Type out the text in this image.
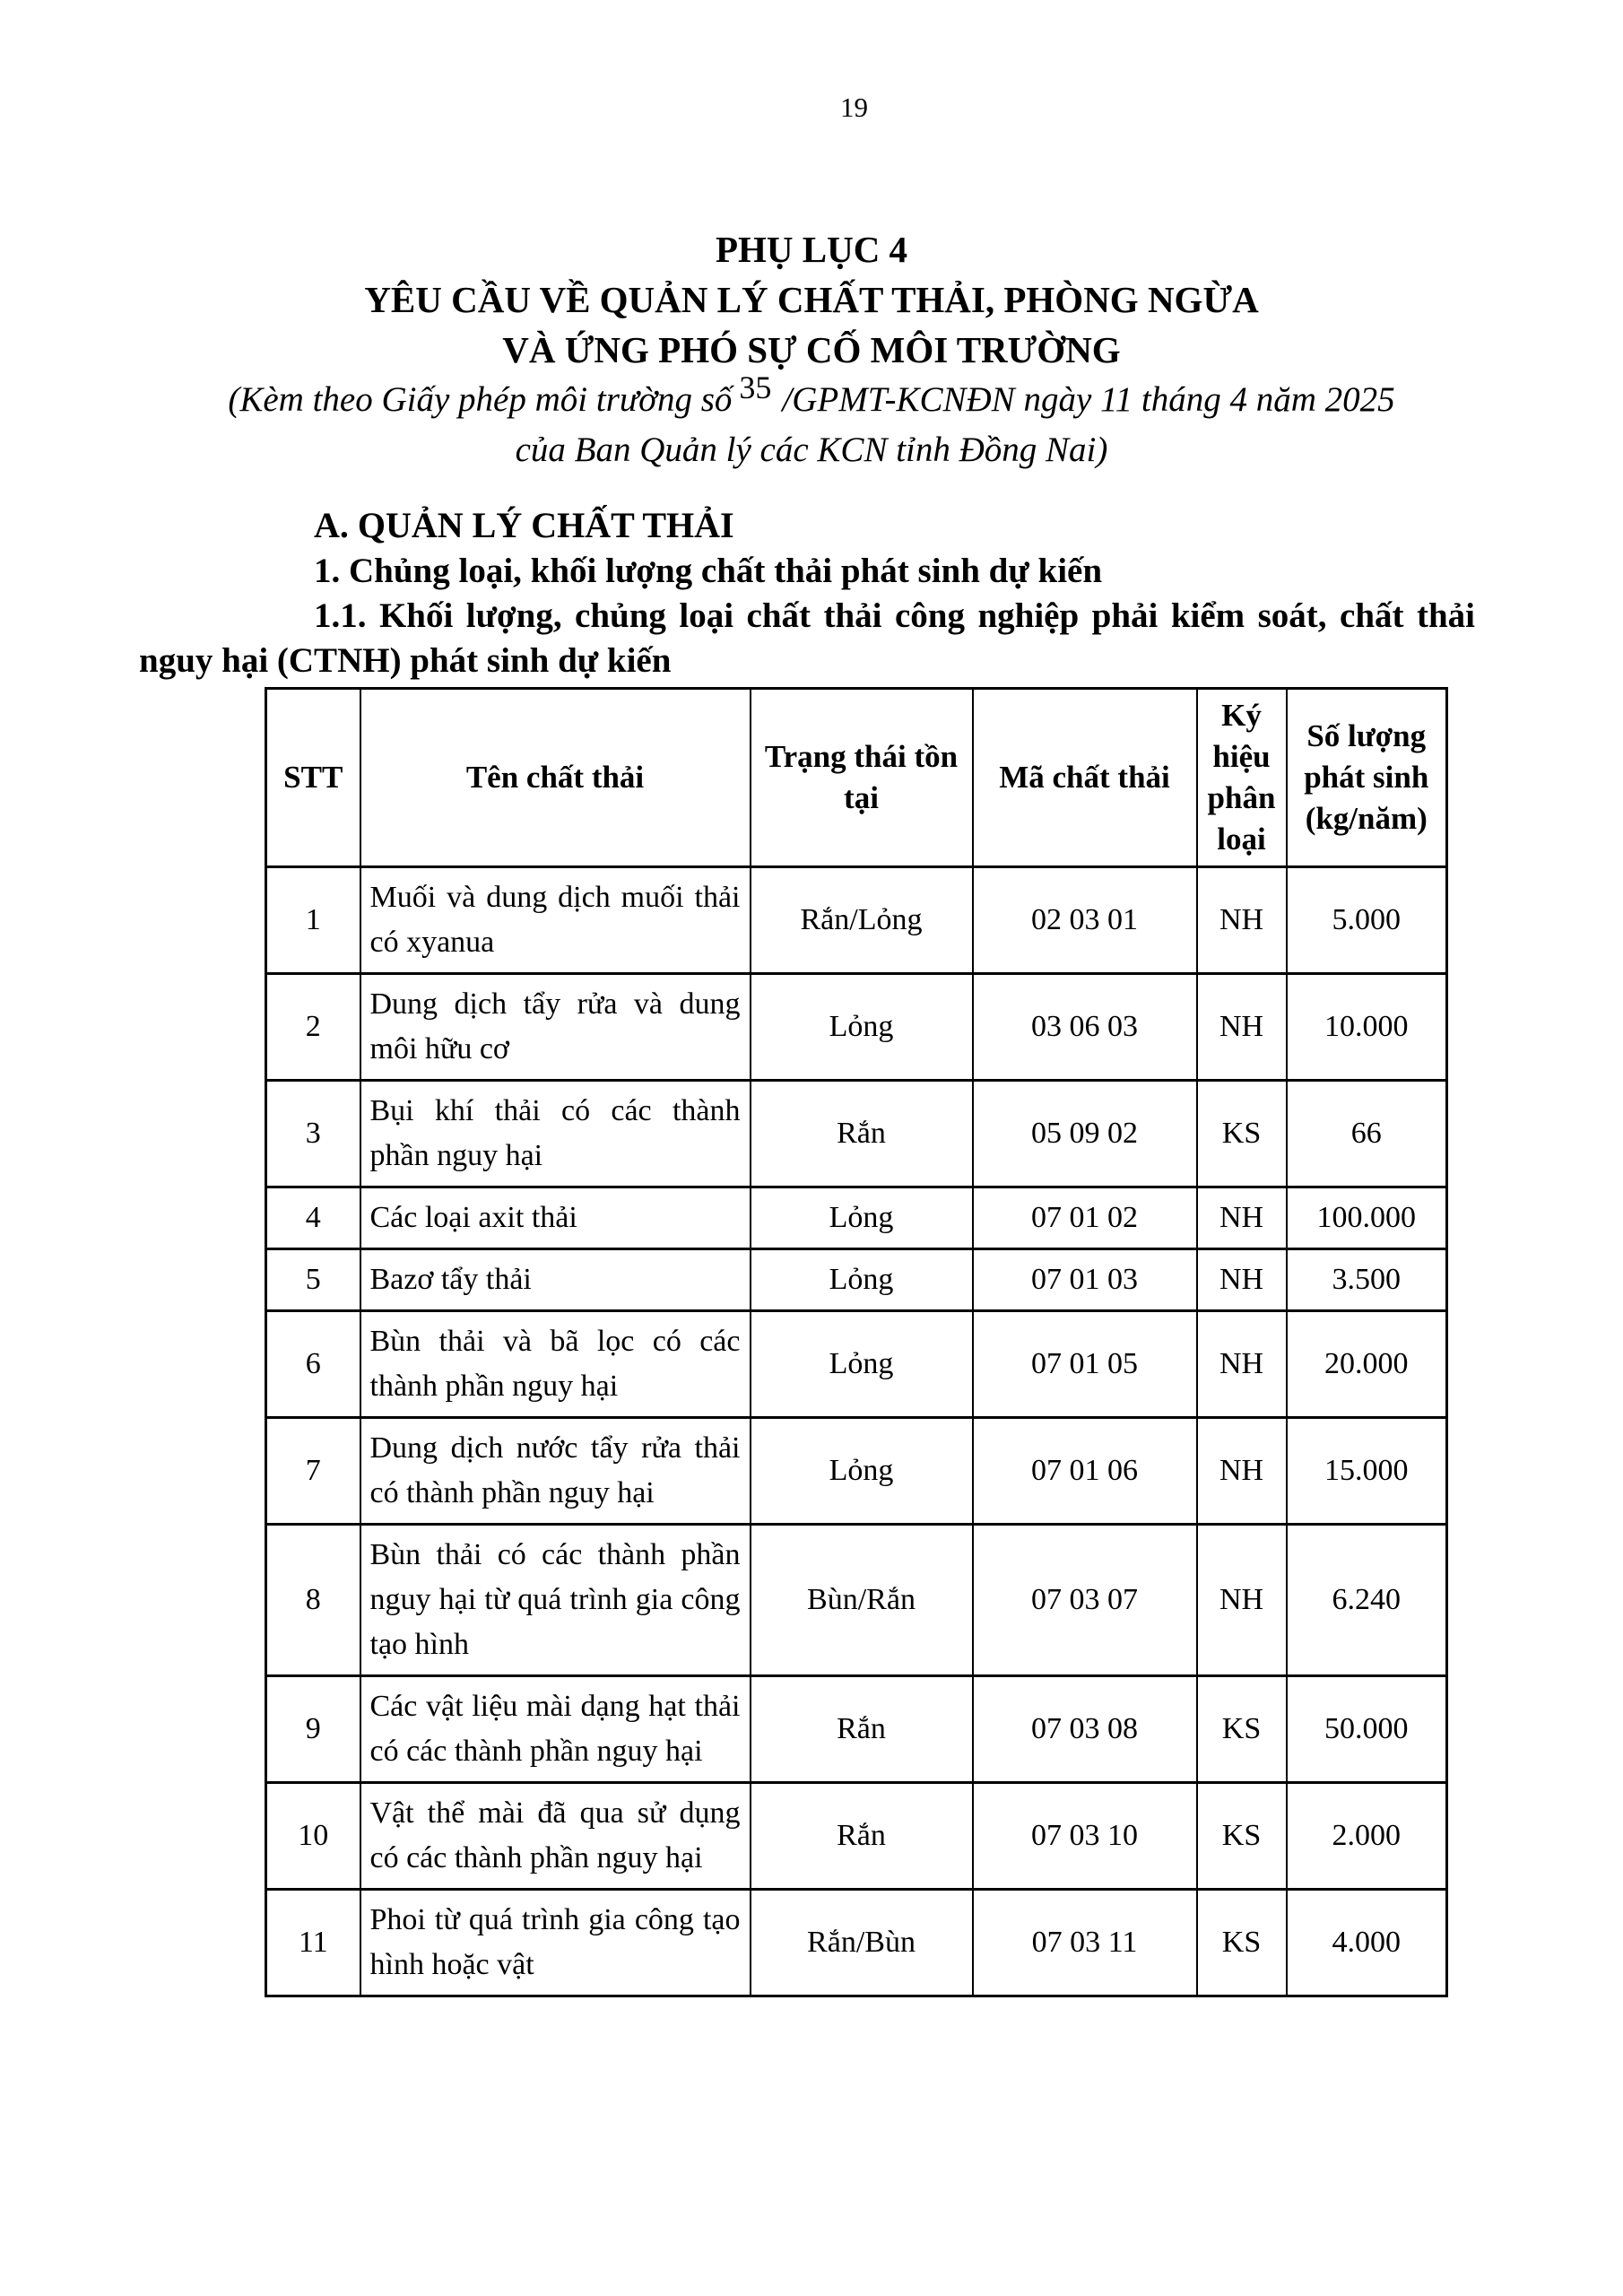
19
PHỤ LỤC 4
YÊU CẦU VỀ QUẢN LÝ CHẤT THẢI, PHÒNG NGỪA
VÀ ỨNG PHÓ SỰ CỐ MÔI TRƯỜNG
(Kèm theo Giấy phép môi trường số 35 /GPMT-KCNĐN ngày 11 tháng 4 năm 2025
của Ban Quản lý các KCN tỉnh Đồng Nai)
A. QUẢN LÝ CHẤT THẢI
1. Chủng loại, khối lượng chất thải phát sinh dự kiến
1.1. Khối lượng, chủng loại chất thải công nghiệp phải kiểm soát, chất thải nguy hại (CTNH) phát sinh dự kiến
STT	Tên chất thải	Trạng thái tồn tại	Mã chất thải	Ký hiệu phân loại	Số lượng phát sinh (kg/năm)
1	Muối và dung dịch muối thải có xyanua	Rắn/Lỏng	02 03 01	NH	5.000
2	Dung dịch tẩy rửa và dung môi hữu cơ	Lỏng	03 06 03	NH	10.000
3	Bụi khí thải có các thành phần nguy hại	Rắn	05 09 02	KS	66
4	Các loại axit thải	Lỏng	07 01 02	NH	100.000
5	Bazơ tẩy thải	Lỏng	07 01 03	NH	3.500
6	Bùn thải và bã lọc có các thành phần nguy hại	Lỏng	07 01 05	NH	20.000
7	Dung dịch nước tẩy rửa thải có thành phần nguy hại	Lỏng	07 01 06	NH	15.000
8	Bùn thải có các thành phần nguy hại từ quá trình gia công tạo hình	Bùn/Rắn	07 03 07	NH	6.240
9	Các vật liệu mài dạng hạt thải có các thành phần nguy hại	Rắn	07 03 08	KS	50.000
10	Vật thể mài đã qua sử dụng có các thành phần nguy hại	Rắn	07 03 10	KS	2.000
11	Phoi từ quá trình gia công tạo hình hoặc vật	Rắn/Bùn	07 03 11	KS	4.000
